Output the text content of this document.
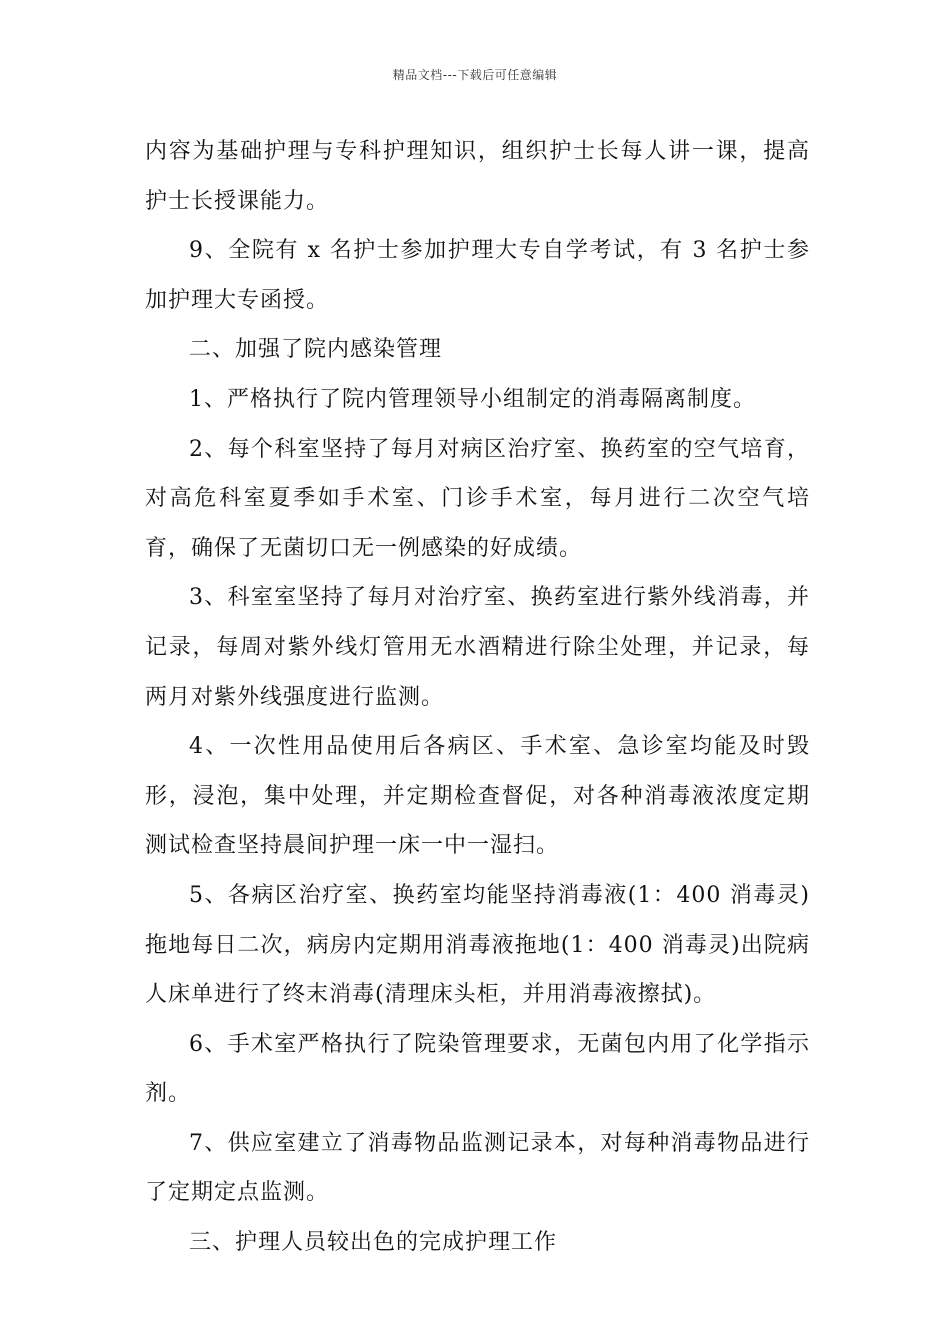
精品文档---下载后可任意编辑

内容为基础护理与专科护理知识，组织护士长每人讲一课，提高护士长授课能力。

9、全院有 x 名护士参加护理大专自学考试，有 3 名护士参加护理大专函授。

二、加强了院内感染管理

1、严格执行了院内管理领导小组制定的消毒隔离制度。

2、每个科室坚持了每月对病区治疗室、换药室的空气培育，对高危科室夏季如手术室、门诊手术室，每月进行二次空气培育，确保了无菌切口无一例感染的好成绩。

3、科室室坚持了每月对治疗室、换药室进行紫外线消毒，并记录，每周对紫外线灯管用无水酒精进行除尘处理，并记录，每两月对紫外线强度进行监测。

4、一次性用品使用后各病区、手术室、急诊室均能及时毁形，浸泡，集中处理，并定期检查督促，对各种消毒液浓度定期测试检查坚持晨间护理一床一中一湿扫。

5、各病区治疗室、换药室均能坚持消毒液(1：400 消毒灵)拖地每日二次，病房内定期用消毒液拖地(1：400 消毒灵)出院病人床单进行了终末消毒(清理床头柜，并用消毒液擦拭)。

6、手术室严格执行了院染管理要求，无菌包内用了化学指示剂。

7、供应室建立了消毒物品监测记录本，对每种消毒物品进行了定期定点监测。

三、护理人员较出色的完成护理工作
